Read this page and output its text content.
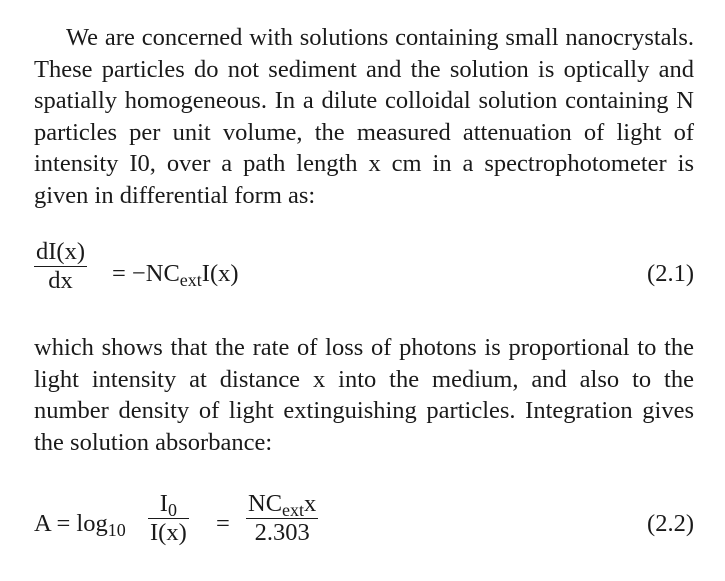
We are concerned with solutions containing small nanocrystals. These particles do not sediment and the solution is optically and spatially homogeneous. In a dilute colloidal solution containing N particles per unit volume, the measured attenuation of light of intensity I0, over a path length x cm in a spectrophotometer is given in differential form as:

dI(x)
dx	= $-NC_{ext}I(x)$	(2.1)

which shows that the rate of loss of photons is proportional to the light intensity at distance x into the medium, and also to the number density of light extinguishing particles. Integration gives the solution absorbance:

$A = \log_{10}$
$I_0$
I(x) =
$NC_{ext}x$
2.303	(2.2)
